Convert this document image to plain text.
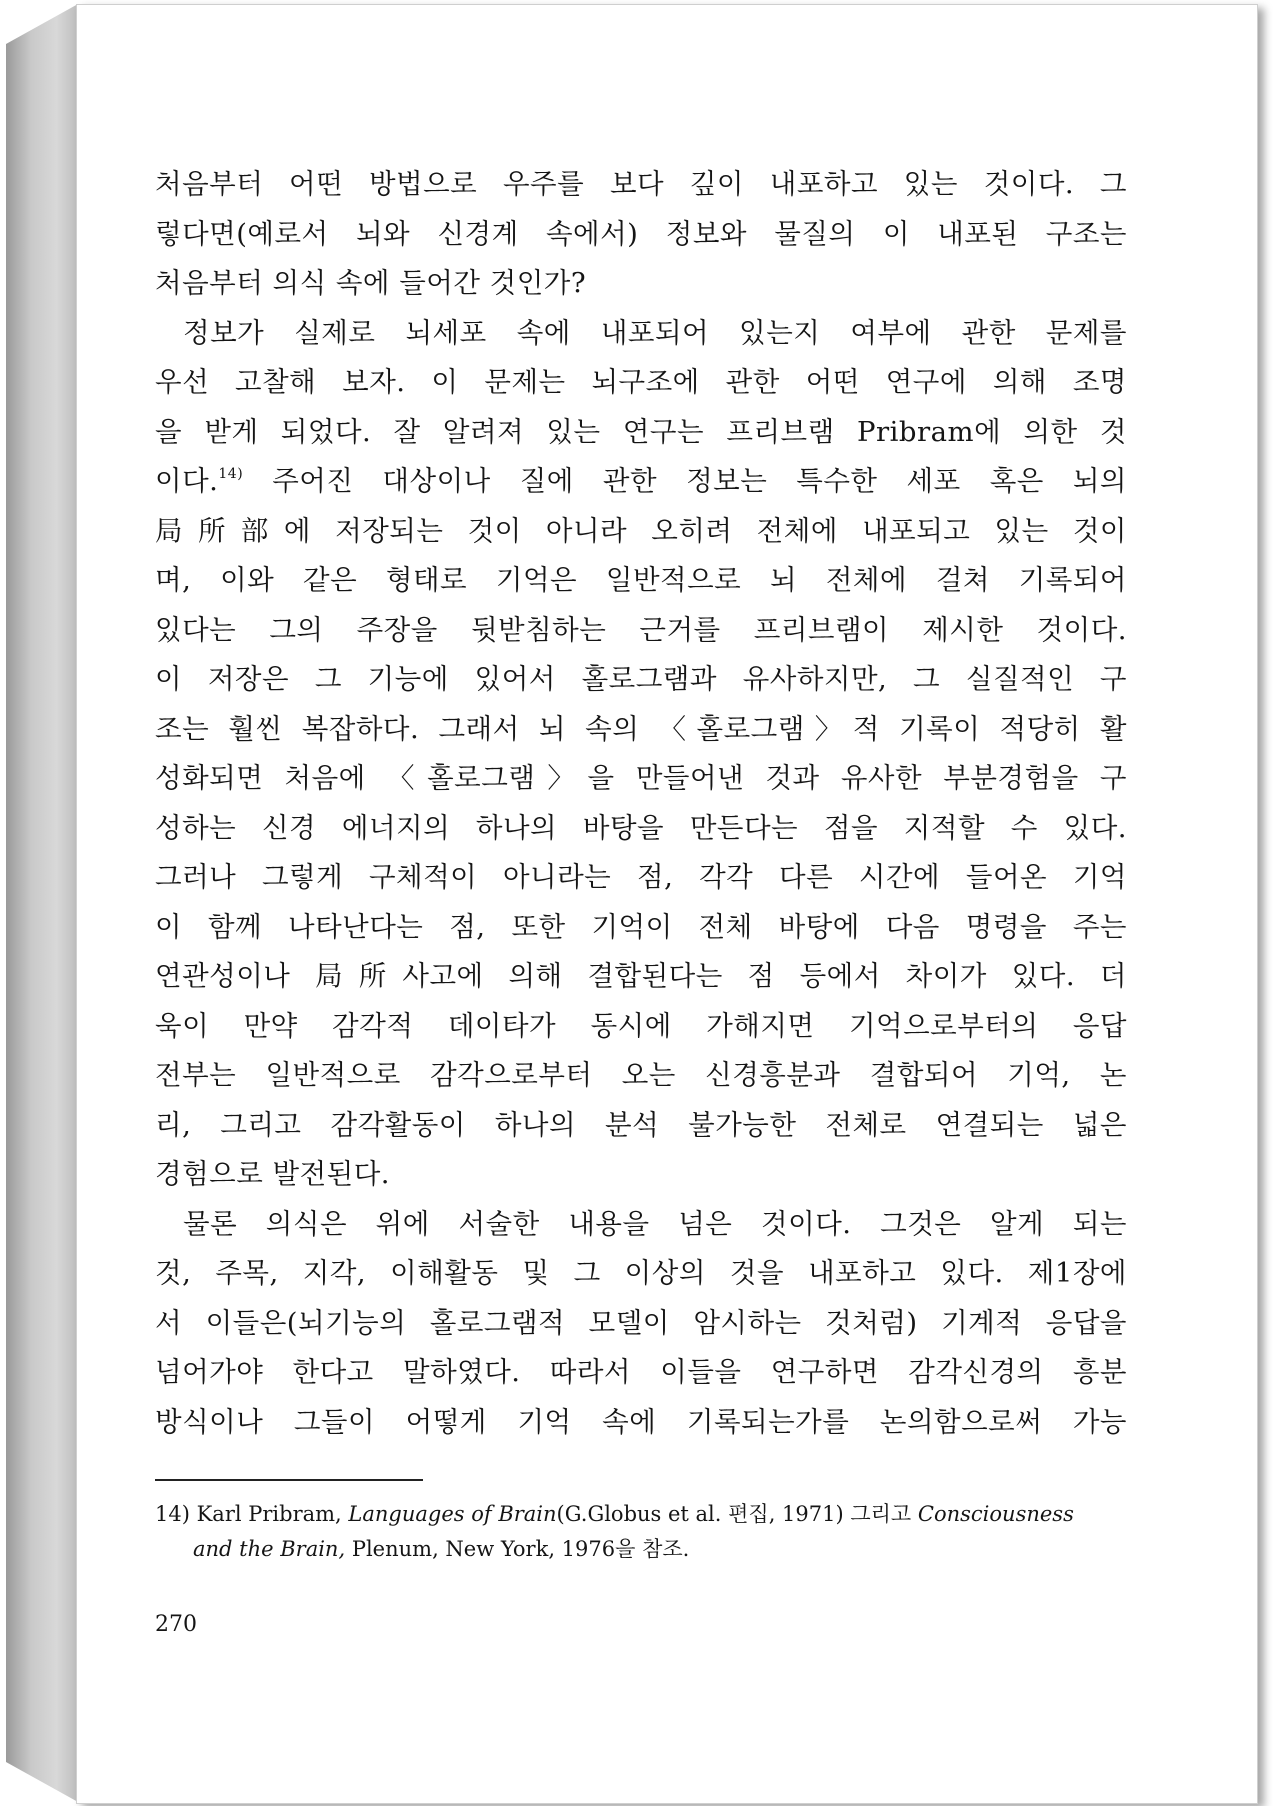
처음부터 어떤 방법으로 우주를 보다 깊이 내포하고 있는 것이다. 그
렇다면(예로서 뇌와 신경계 속에서) 정보와 물질의 이 내포된 구조는
처음부터 의식 속에 들어간 것인가?
정보가 실제로 뇌세포 속에 내포되어 있는지 여부에 관한 문제를
우선 고찰해 보자. 이 문제는 뇌구조에 관한 어떤 연구에 의해 조명
을 받게 되었다. 잘 알려져 있는 연구는 프리브램 Pribram에 의한 것
이다.$^{14)}$ 주어진 대상이나 질에 관한 정보는 특수한 세포 혹은 뇌의
局所部에 저장되는 것이 아니라 오히려 전체에 내포되고 있는 것이
며, 이와 같은 형태로 기억은 일반적으로 뇌 전체에 걸쳐 기록되어
있다는 그의 주장을 뒷받침하는 근거를 프리브램이 제시한 것이다.
이 저장은 그 기능에 있어서 홀로그램과 유사하지만, 그 실질적인 구
조는 훨씬 복잡하다. 그래서 뇌 속의 〈홀로그램〉적 기록이 적당히 활
성화되면 처음에 〈홀로그램〉을 만들어낸 것과 유사한 부분경험을 구
성하는 신경 에너지의 하나의 바탕을 만든다는 점을 지적할 수 있다.
그러나 그렇게 구체적이 아니라는 점, 각각 다른 시간에 들어온 기억
이 함께 나타난다는 점, 또한 기억이 전체 바탕에 다음 명령을 주는
연관성이나 局所사고에 의해 결합된다는 점 등에서 차이가 있다. 더
욱이 만약 감각적 데이타가 동시에 가해지면 기억으로부터의 응답
전부는 일반적으로 감각으로부터 오는 신경흥분과 결합되어 기억, 논
리, 그리고 감각활동이 하나의 분석 불가능한 전체로 연결되는 넓은
경험으로 발전된다.
물론 의식은 위에 서술한 내용을 넘은 것이다. 그것은 알게 되는
것, 주목, 지각, 이해활동 및 그 이상의 것을 내포하고 있다. 제1장에
서 이들은(뇌기능의 홀로그램적 모델이 암시하는 것처럼) 기계적 응답을
넘어가야 한다고 말하였다. 따라서 이들을 연구하면 감각신경의 흥분
방식이나 그들이 어떻게 기억 속에 기록되는가를 논의함으로써 가능
14) Karl Pribram, Languages of Brain(G.Globus et al. 편집, 1971) 그리고 Consciousness
and the Brain, Plenum, New York, 1976을 참조.
270
